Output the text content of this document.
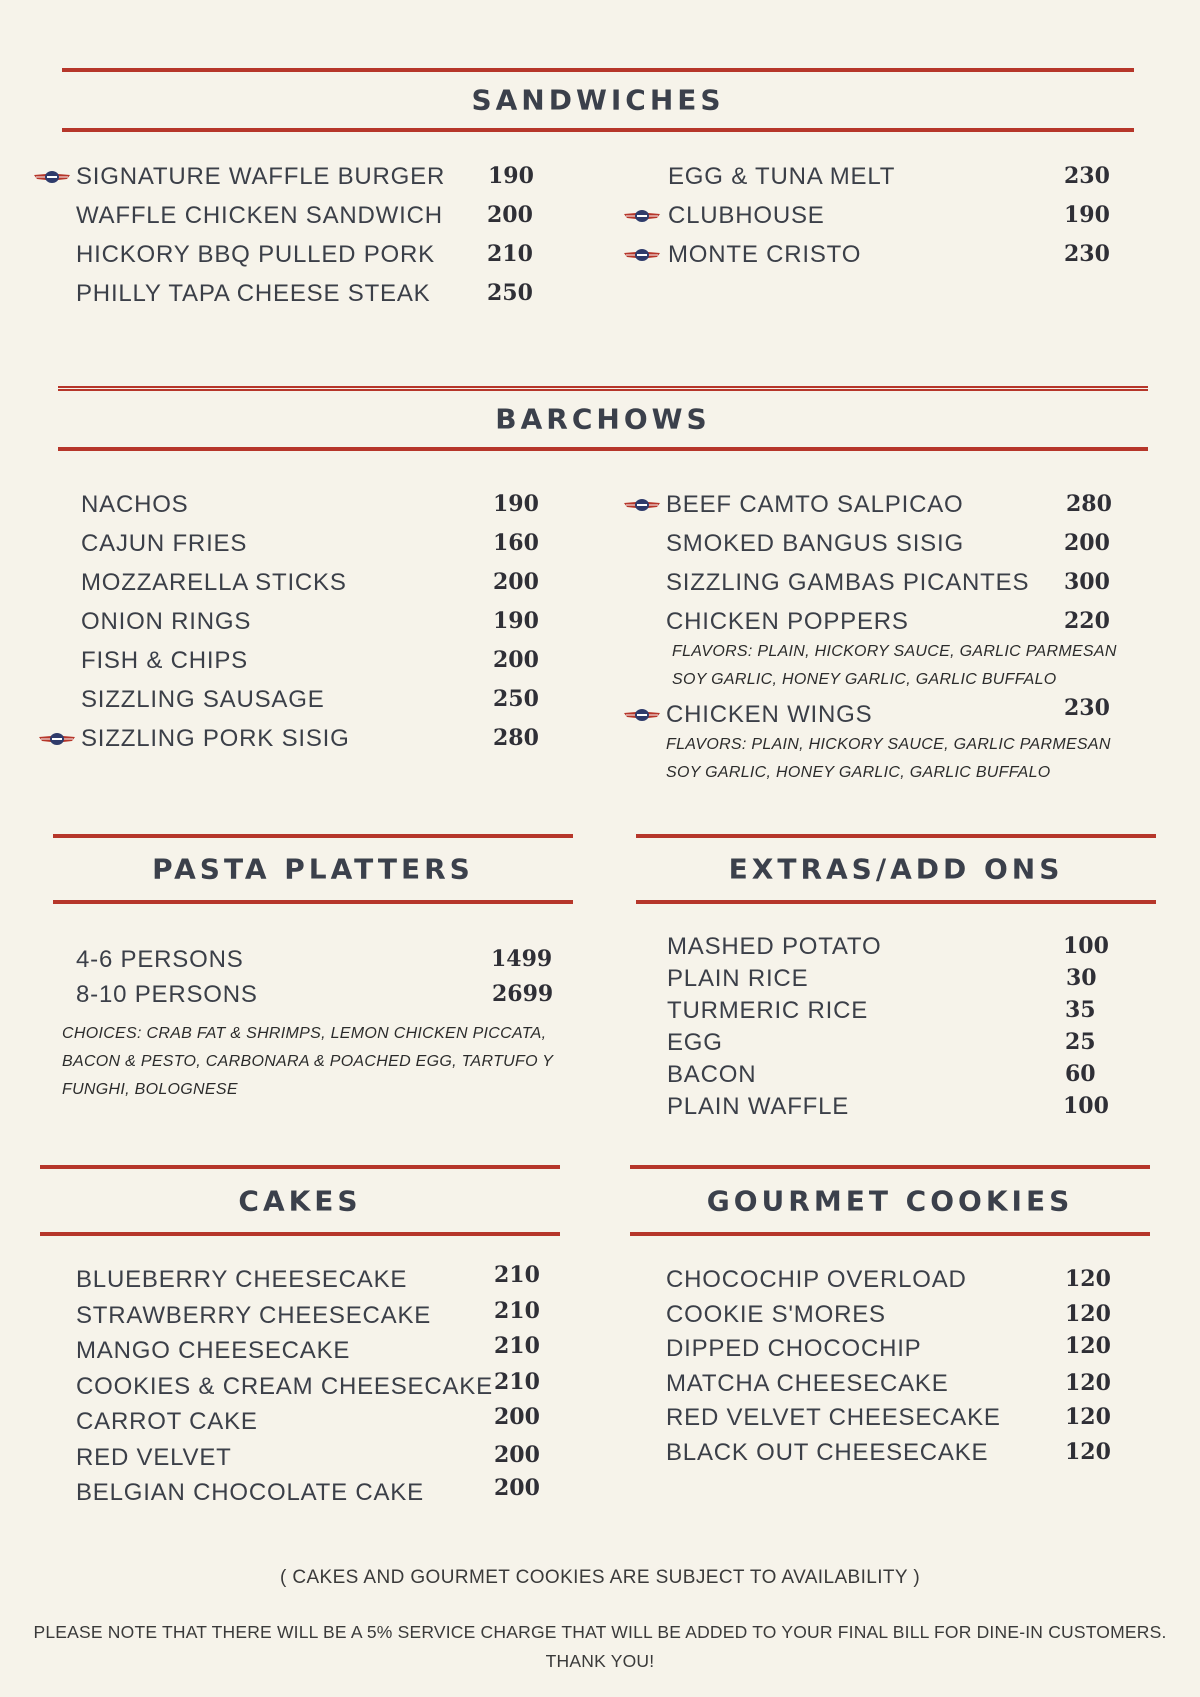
SANDWICHES
SIGNATURE WAFFLE BURGER 190
WAFFLE CHICKEN SANDWICH 200
HICKORY BBQ PULLED PORK 210
PHILLY TAPA CHEESE STEAK	250
EGG & TUNA MELT	230
CLUBHOUSE	190
MONTE CRISTO	230
BARCHOWS
NACHOS	190
CAJUN FRIES	160
MOZZARELLA STICKS	200
ONION RINGS	190
FISH & CHIPS	200
SIZZLING SAUSAGE	250
SIZZLING PORK SISIG	280
BEEF CAMTO SALPICAO	280
SMOKED BANGUS SISIG	200
SIZZLING GAMBAS PICANTES 300
CHICKEN POPPERS	220
FLAVORS: PLAIN, HICKORY SAUCE, GARLIC PARMESAN
SOY GARLIC, HONEY GARLIC, GARLIC BUFFALO
CHICKEN WINGS	230
FLAVORS: PLAIN, HICKORY SAUCE, GARLIC PARMESAN
SOY GARLIC, HONEY GARLIC, GARLIC BUFFALO
PASTA PLATTERS
4-6 PERSONS	1499
8-10 PERSONS	2699
CHOICES: CRAB FAT & SHRIMPS, LEMON CHICKEN PICCATA,
BACON & PESTO, CARBONARA & POACHED EGG, TARTUFO Y
FUNGHI, BOLOGNESE
EXTRAS/ADD ONS
MASHED POTATO	100
PLAIN RICE	30
TURMERIC RICE	35
EGG	25
BACON	60
PLAIN WAFFLE	100
CAKES
BLUEBERRY CHEESECAKE	210
STRAWBERRY CHEESECAKE	210
MANGO CHEESECAKE	210
COOKIES & CREAM CHEESECAKE 210
CARROT CAKE	200
RED VELVET	200
BELGIAN CHOCOLATE CAKE	200
GOURMET COOKIES
CHOCOCHIP OVERLOAD	120
COOKIE S'MORES	120
DIPPED CHOCOCHIP	120
MATCHA CHEESECAKE	120
RED VELVET CHEESECAKE	120
BLACK OUT CHEESECAKE	120
( CAKES AND GOURMET COOKIES ARE SUBJECT TO AVAILABILITY )
PLEASE NOTE THAT THERE WILL BE A 5% SERVICE CHARGE THAT WILL BE ADDED TO YOUR FINAL BILL FOR DINE-IN CUSTOMERS.
THANK YOU!
